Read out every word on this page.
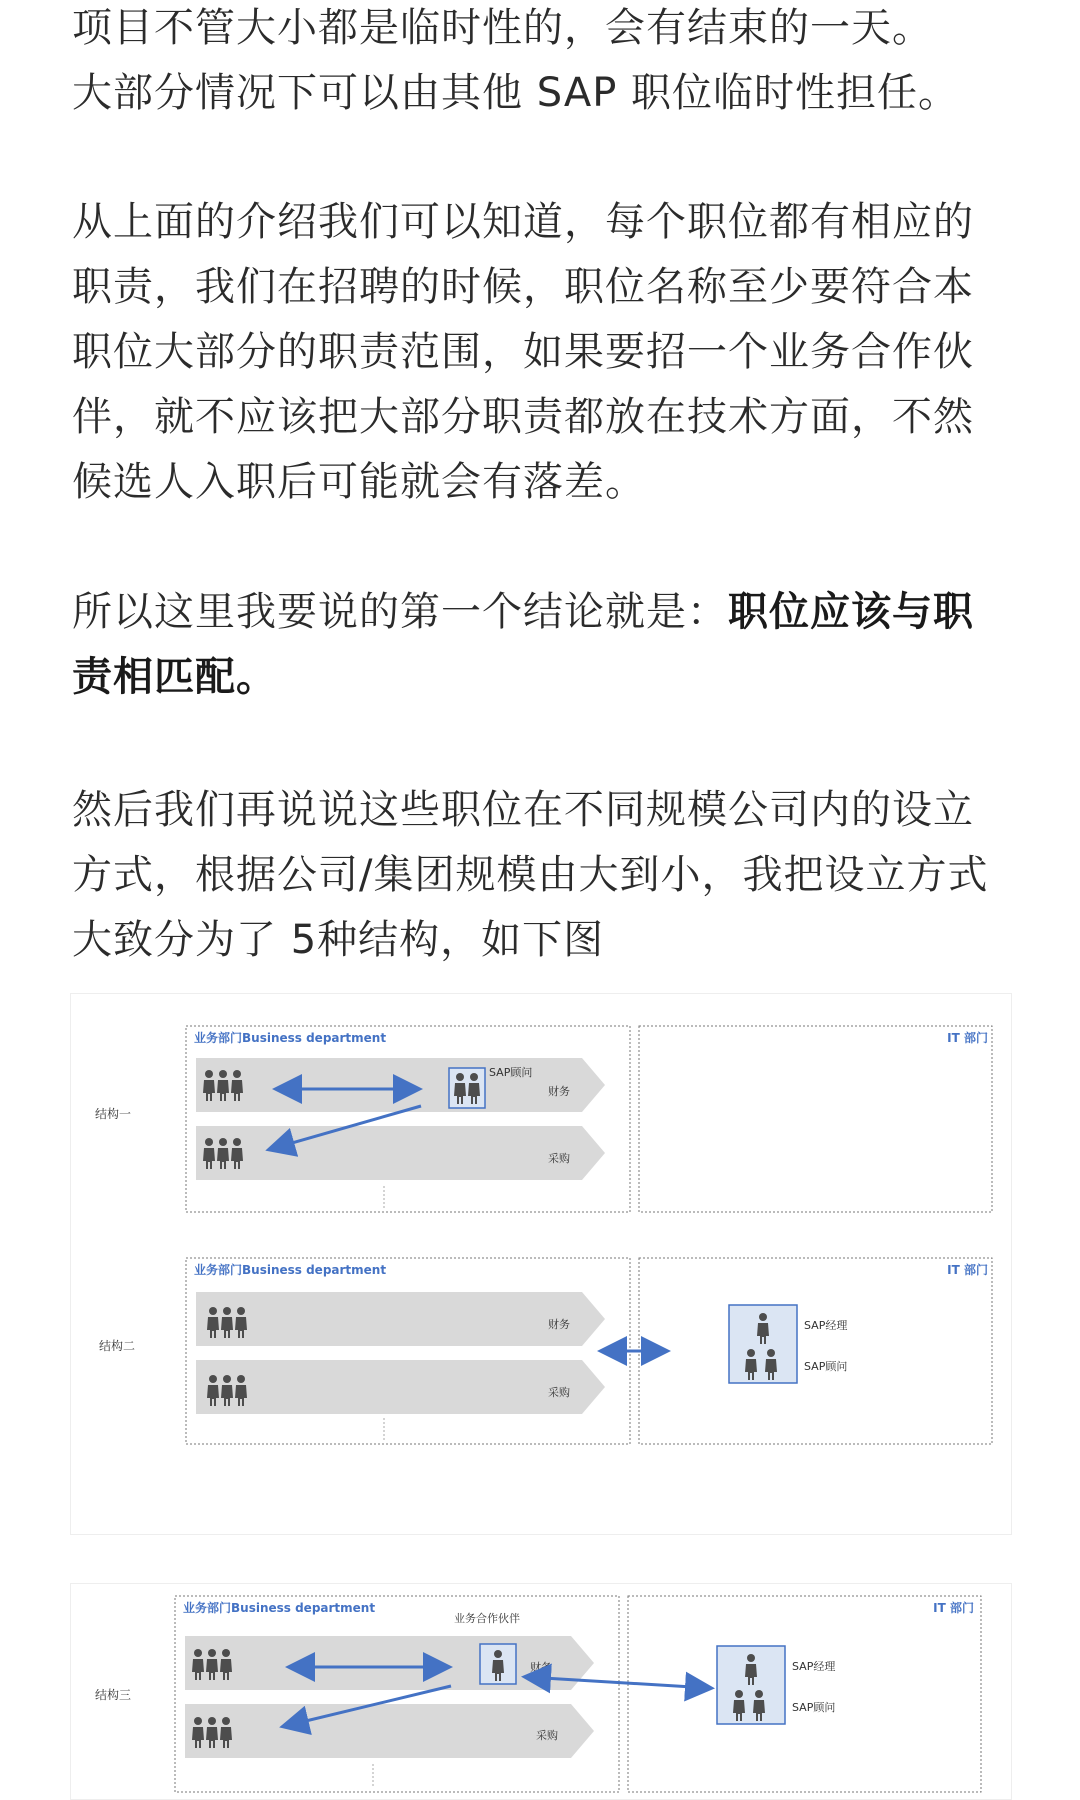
项目不管大小都是临时性的，会有结束的一天。
大部分情况下可以由其他 SAP 职位临时性担任。
从上面的介绍我们可以知道，每个职位都有相应的职责，我们在招聘的时候，职位名称至少要符合本职位大部分的职责范围，如果要招一个业务合作伙伴，就不应该把大部分职责都放在技术方面，不然候选人入职后可能就会有落差。
所以这里我要说的第一个结论就是：职位应该与职责相匹配。
然后我们再说说这些职位在不同规模公司内的设立方式，根据公司/集团规模由大到小，我把设立方式大致分为了 5种结构，如下图
结构一
业务部门Business department	IT 部门
SAP顾问
财务
采购
结构二
业务部门Business department	IT 部门
财务
采购
SAP经理
SAP顾问
结构三
业务部门Business department	IT 部门
业务合作伙伴
财务
采购
SAP经理
SAP顾问
